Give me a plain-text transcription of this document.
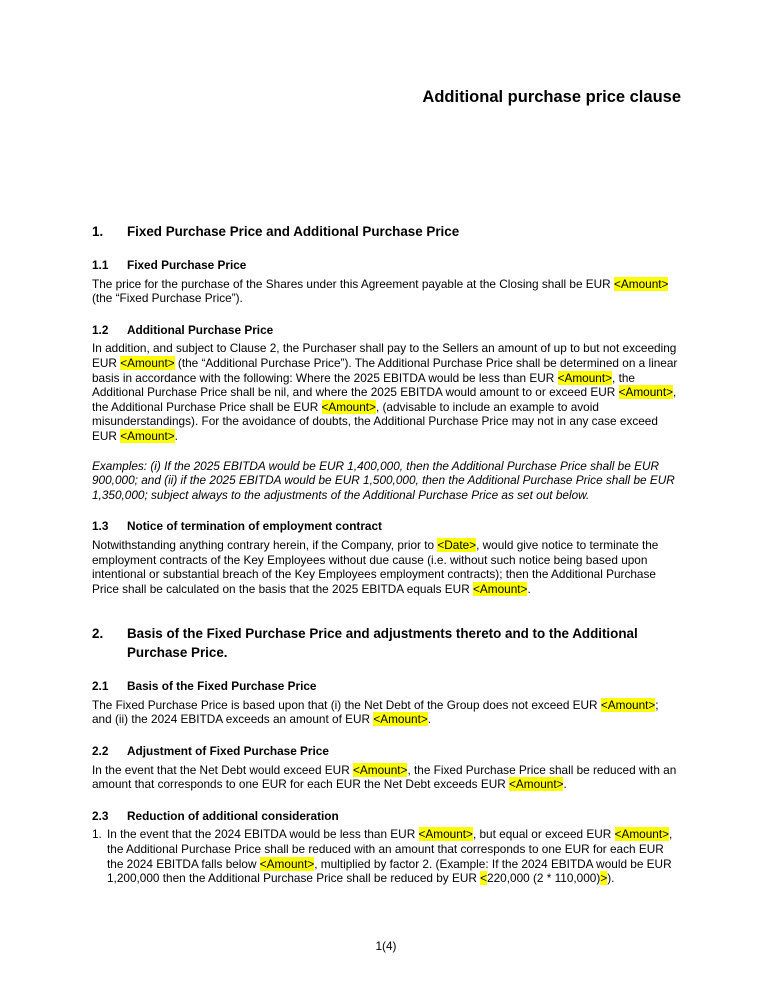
Additional purchase price clause
1.	Fixed Purchase Price and Additional Purchase Price
1.1	Fixed Purchase Price

The price for the purchase of the Shares under this Agreement payable at the Closing shall be EUR <Amount> (the “Fixed Purchase Price”).

1.2	Additional Purchase Price

In addition, and subject to Clause 2, the Purchaser shall pay to the Sellers an amount of up to but not exceeding EUR <Amount> (the “Additional Purchase Price”). The Additional Purchase Price shall be determined on a linear basis in accordance with the following: Where the 2025 EBITDA would be less than EUR <Amount>, the Additional Purchase Price shall be nil, and where the 2025 EBITDA would amount to or exceed EUR <Amount>, the Additional Purchase Price shall be EUR <Amount>, (advisable to include an example to avoid misunderstandings). For the avoidance of doubts, the Additional Purchase Price may not in any case exceed EUR <Amount>.

Examples: (i) If the 2025 EBITDA would be EUR 1,400,000, then the Additional Purchase Price shall be EUR 900,000; and (ii) if the 2025 EBITDA would be EUR 1,500,000, then the Additional Purchase Price shall be EUR 1,350,000; subject always to the adjustments of the Additional Purchase Price as set out below.

1.3	Notice of termination of employment contract

Notwithstanding anything contrary herein, if the Company, prior to <Date>, would give notice to terminate the employment contracts of the Key Employees without due cause (i.e. without such notice being based upon intentional or substantial breach of the Key Employees employment contracts); then the Additional Purchase Price shall be calculated on the basis that the 2025 EBITDA equals EUR <Amount>.

2.	Basis of the Fixed Purchase Price and adjustments thereto and to the Additional Purchase Price.
2.1	Basis of the Fixed Purchase Price

The Fixed Purchase Price is based upon that (i) the Net Debt of the Group does not exceed EUR <Amount>; and (ii) the 2024 EBITDA exceeds an amount of EUR <Amount>.

2.2	Adjustment of Fixed Purchase Price

In the event that the Net Debt would exceed EUR <Amount>, the Fixed Purchase Price shall be reduced with an amount that corresponds to one EUR for each EUR the Net Debt exceeds EUR <Amount>.

2.3	Reduction of additional consideration
1. In the event that the 2024 EBITDA would be less than EUR <Amount>, but equal or exceed EUR <Amount>, the Additional Purchase Price shall be reduced with an amount that corresponds to one EUR for each EUR the 2024 EBITDA falls below <Amount>, multiplied by factor 2. (Example: If the 2024 EBITDA would be EUR 1,200,000 then the Additional Purchase Price shall be reduced by EUR <220,000 (2 * 110,000)>).
1(4)
